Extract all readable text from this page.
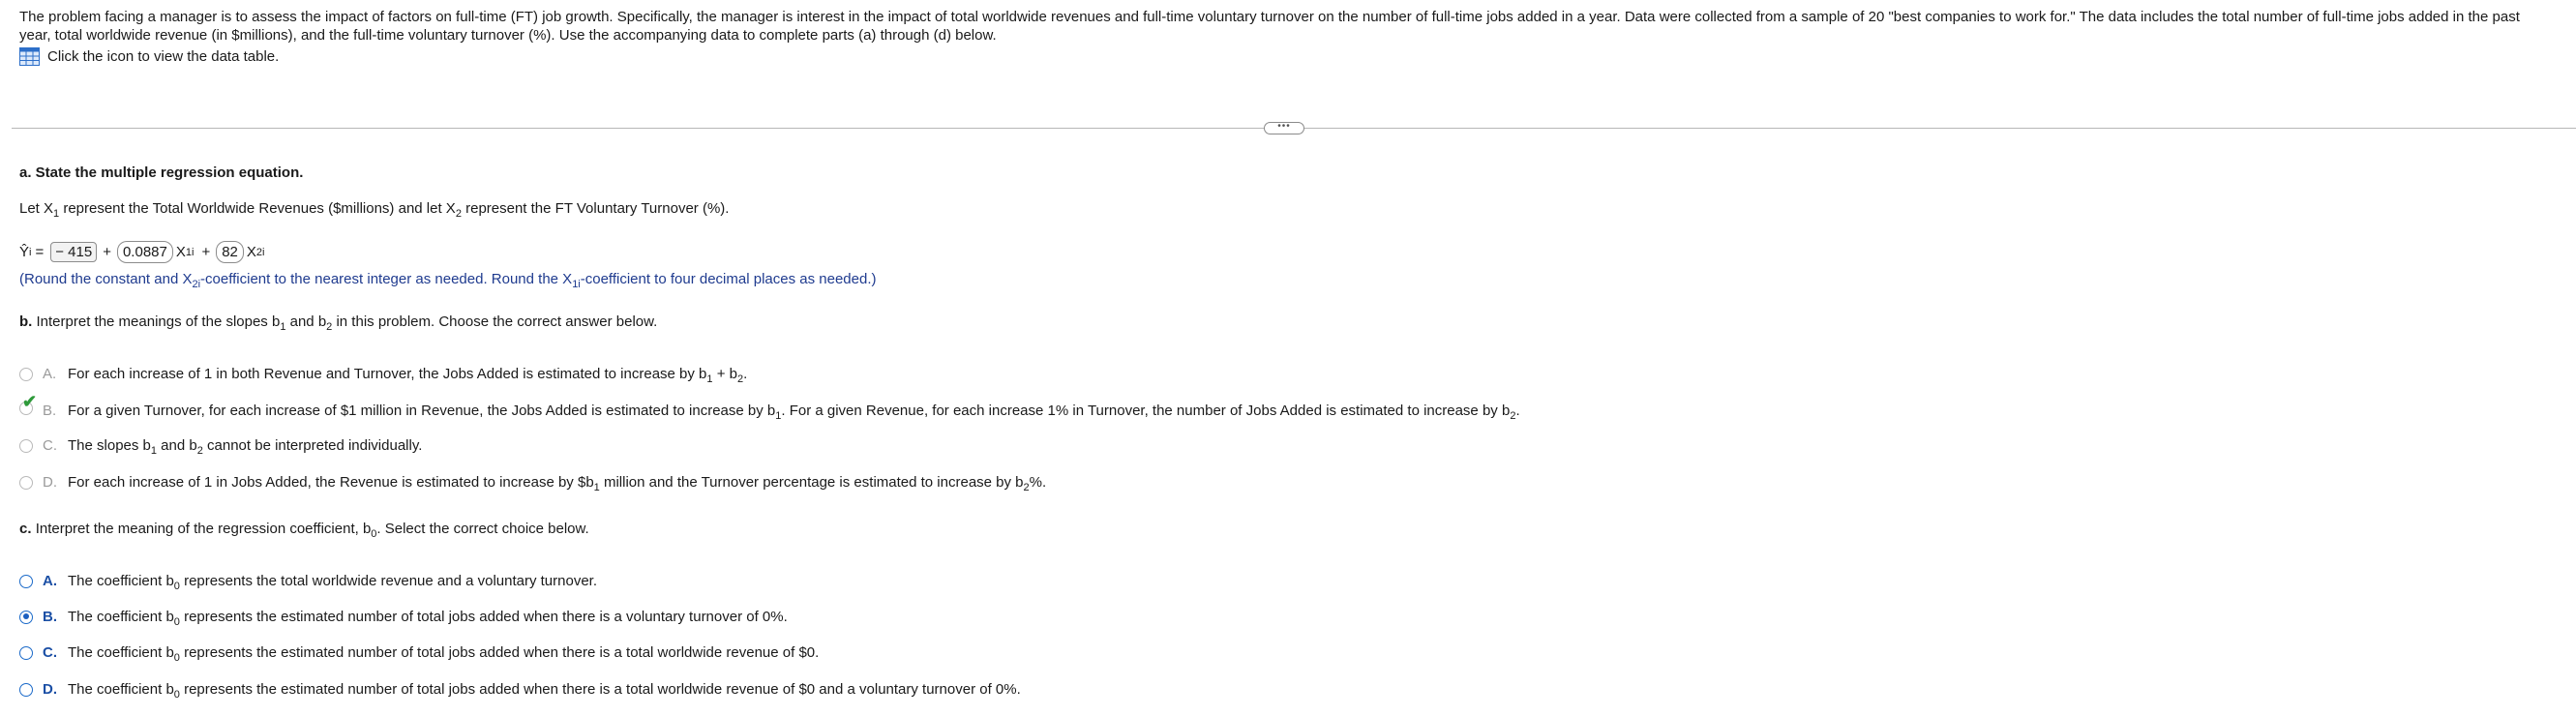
The problem facing a manager is to assess the impact of factors on full-time (FT) job growth. Specifically, the manager is interest in the impact of total worldwide revenues and full-time voluntary turnover on the number of full-time jobs added in a year. Data were collected from a sample of 20 "best companies to work for." The data includes the total number of full-time jobs added in the past year, total worldwide revenue (in $millions), and the full-time voluntary turnover (%). Use the accompanying data to complete parts (a) through (d) below.
Click the icon to view the data table.
•••
a. State the multiple regression equation.
Let $X_1$ represent the Total Worldwide Revenues ($millions) and let $X_2$ represent the FT Voluntary Turnover (%).
Ŷ i = − 415 + 0.0887 X 1i + 82 X 2i
(Round the constant and $X_{2i}$-coefficient to the nearest integer as needed. Round the $X_{1i}$-coefficient to four decimal places as needed.)
b. Interpret the meanings of the slopes $b_1$ and $b_2$ in this problem. Choose the correct answer below.
A. For each increase of 1 in both Revenue and Turnover, the Jobs Added is estimated to increase by $b_1 + b_2$.
✔ B. For a given Turnover, for each increase of $1 million in Revenue, the Jobs Added is estimated to increase by $b_1$. For a given Revenue, for each increase 1% in Turnover, the number of Jobs Added is estimated to increase by $b_2$.
C. The slopes $b_1$ and $b_2$ cannot be interpreted individually.
D. For each increase of 1 in Jobs Added, the Revenue is estimated to increase by $\$b_1$ million and the Turnover percentage is estimated to increase by $b_2\%$.
c. Interpret the meaning of the regression coefficient, $b_0$. Select the correct choice below.
A. The coefficient $b_0$ represents the total worldwide revenue and a voluntary turnover.
B. The coefficient $b_0$ represents the estimated number of total jobs added when there is a voluntary turnover of 0%.
C. The coefficient $b_0$ represents the estimated number of total jobs added when there is a total worldwide revenue of $0.
D. The coefficient $b_0$ represents the estimated number of total jobs added when there is a total worldwide revenue of $0 and a voluntary turnover of 0%.
